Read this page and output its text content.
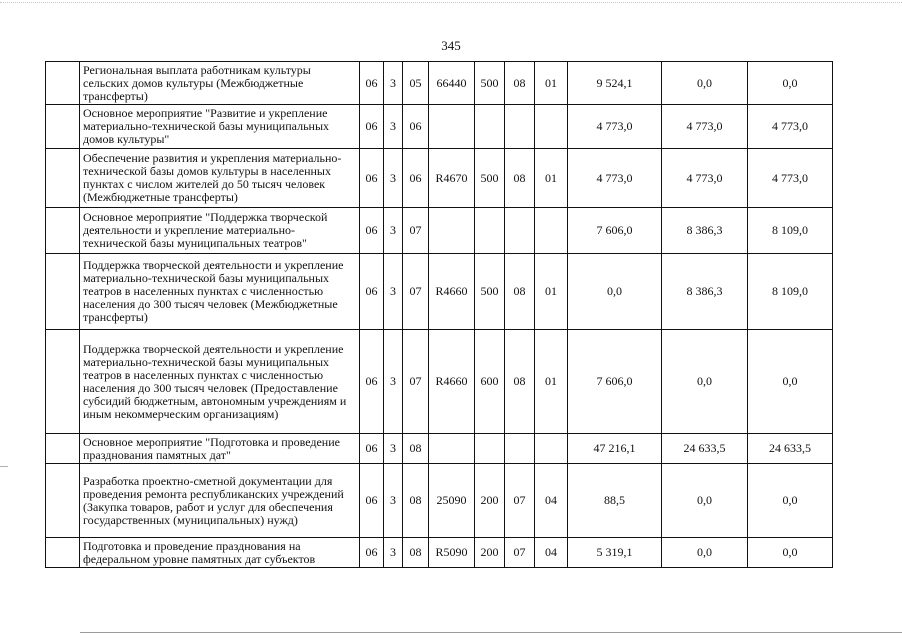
345
	Региональная выплата работникам культуры сельских домов культуры (Межбюджетные трансферты)	06	3	05	66440	500	08	01	9 524,1	0,0	0,0
	Основное мероприятие "Развитие и укрепление материально-технической базы муниципальных домов культуры"	06	3	06					4 773,0	4 773,0	4 773,0
	Обеспечение развития и укрепления материально-технической базы домов культуры в населенных пунктах с числом жителей до 50 тысяч человек (Межбюджетные трансферты)	06	3	06	R4670	500	08	01	4 773,0	4 773,0	4 773,0
	Основное мероприятие "Поддержка творческой деятельности и укрепление материально-технической базы муниципальных театров"	06	3	07					7 606,0	8 386,3	8 109,0
	Поддержка творческой деятельности и укрепление материально-технической базы муниципальных театров в населенных пунктах с численностью населения до 300 тысяч человек (Межбюджетные трансферты)	06	3	07	R4660	500	08	01	0,0	8 386,3	8 109,0
	Поддержка творческой деятельности и укрепление материально-технической базы муниципальных театров в населенных пунктах с численностью населения до 300 тысяч человек (Предоставление субсидий бюджетным, автономным учреждениям и иным некоммерческим организациям)	06	3	07	R4660	600	08	01	7 606,0	0,0	0,0
	Основное мероприятие "Подготовка и проведение празднования памятных дат"	06	3	08					47 216,1	24 633,5	24 633,5
	Разработка проектно-сметной документации для проведения ремонта республиканских учреждений (Закупка товаров, работ и услуг для обеспечения государственных (муниципальных) нужд)	06	3	08	25090	200	07	04	88,5	0,0	0,0
	Подготовка и проведение празднования на федеральном уровне памятных дат субъектов	06	3	08	R5090	200	07	04	5 319,1	0,0	0,0
